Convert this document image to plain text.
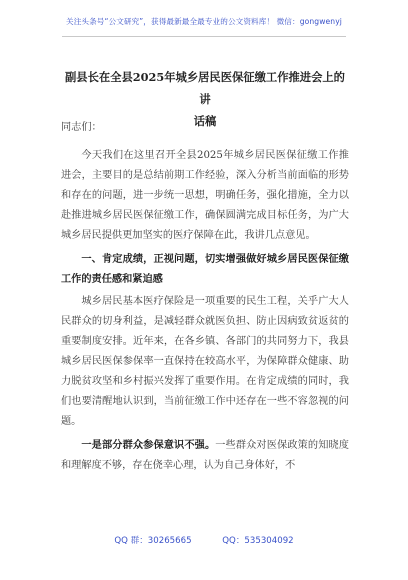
关注头条号“公文研究”，获得最新最全最专业的公文资料库！ 微信：gongwenyj
副县长在全县2025年城乡居民医保征缴工作推进会上的讲
话稿

同志们：

今天我们在这里召开全县2025年城乡居民医保征缴工作推进会，主要目的是总结前期工作经验，深入分析当前面临的形势和存在的问题，进一步统一思想，明确任务，强化措施，全力以赴推进城乡居民医保征缴工作，确保圆满完成目标任务，为广大城乡居民提供更加坚实的医疗保障在此，我讲几点意见。

一、肯定成绩，正视问题，切实增强做好城乡居民医保征缴工作的责任感和紧迫感

城乡居民基本医疗保险是一项重要的民生工程，关乎广大人民群众的切身利益，是减轻群众就医负担、防止因病致贫返贫的重要制度安排。近年来，在各乡镇、各部门的共同努力下，我县城乡居民医保参保率一直保持在较高水平，为保障群众健康、助力脱贫攻坚和乡村振兴发挥了重要作用。在肯定成绩的同时，我们也要清醒地认识到，当前征缴工作中还存在一些不容忽视的问题。

一是部分群众参保意识不强。一些群众对医保政策的知晓度和理解度不够，存在侥幸心理，认为自己身体好，不

QQ 群：30265665	QQ：535304092
